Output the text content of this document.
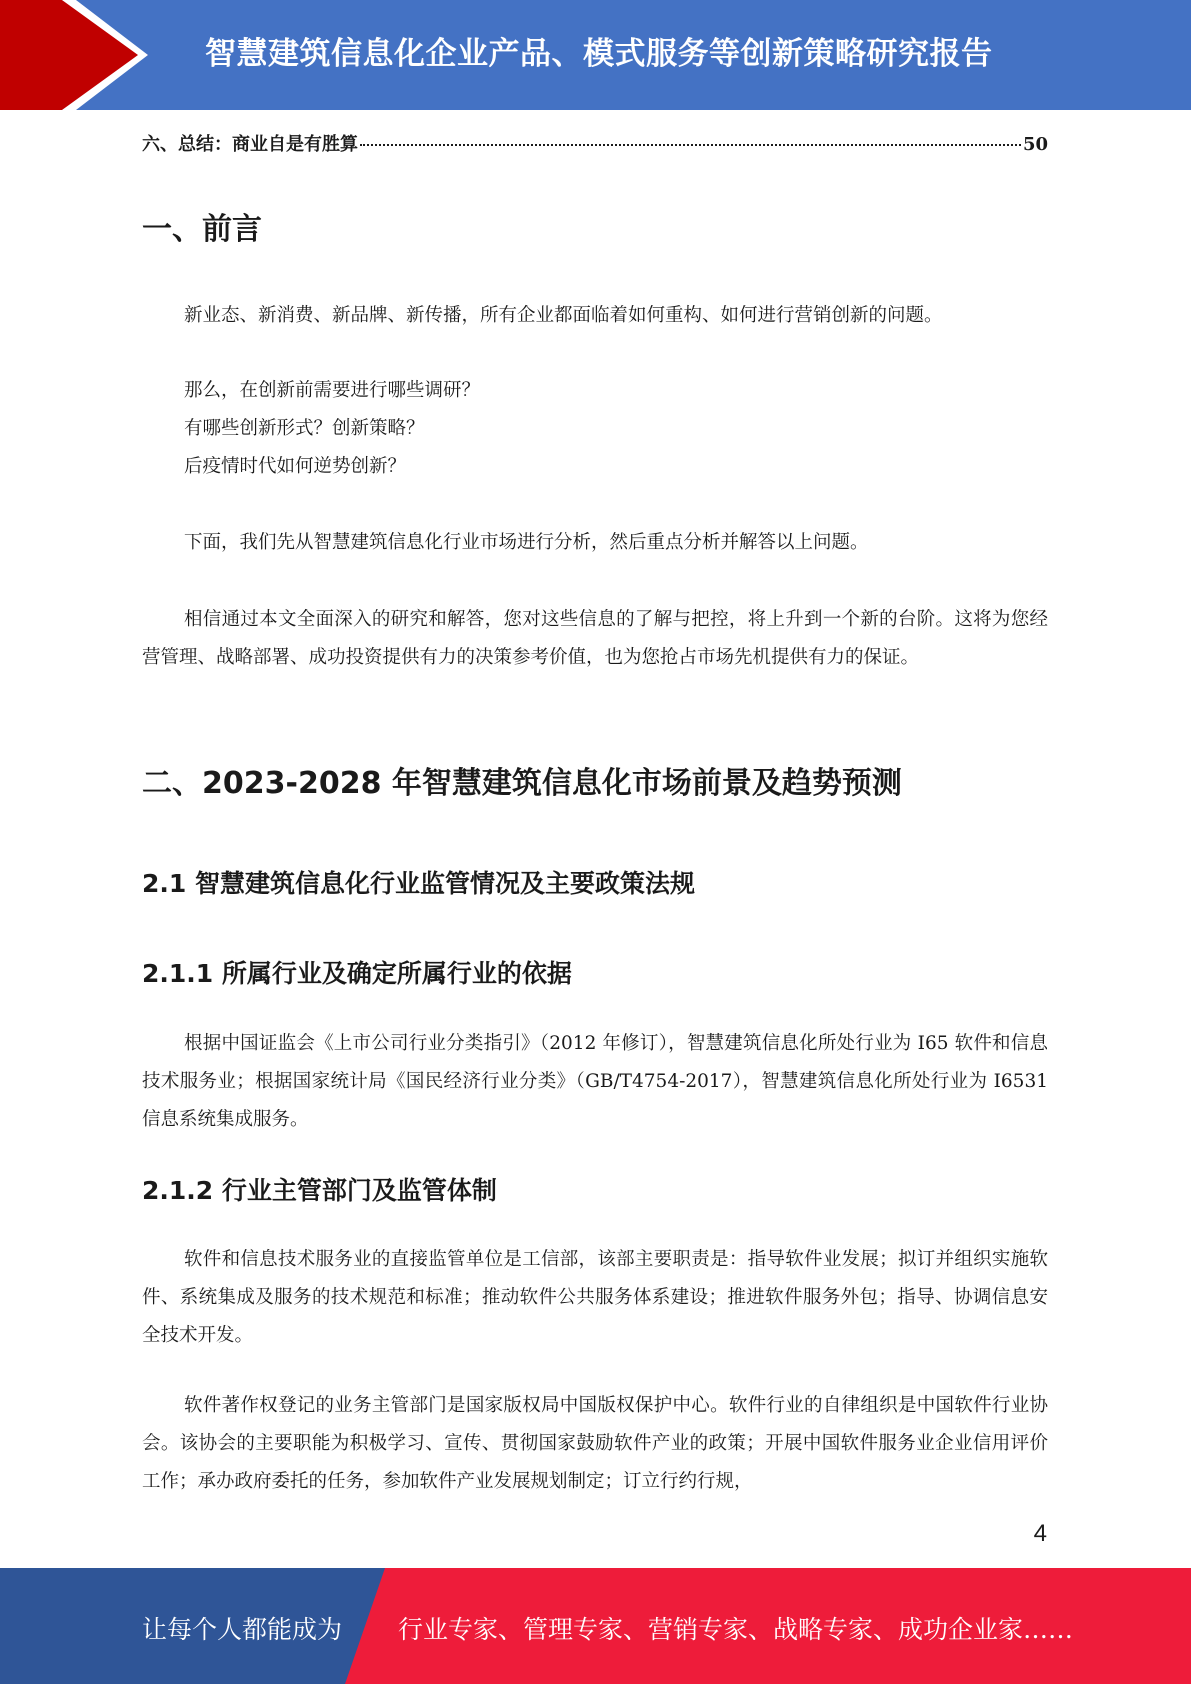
智慧建筑信息化企业产品、模式服务等创新策略研究报告
六、总结：商业自是有胜算	50
一、前言

新业态、新消费、新品牌、新传播，所有企业都面临着如何重构、如何进行营销创新的问题。

那么，在创新前需要进行哪些调研？

有哪些创新形式？创新策略？

后疫情时代如何逆势创新？

下面，我们先从智慧建筑信息化行业市场进行分析，然后重点分析并解答以上问题。

相信通过本文全面深入的研究和解答，您对这些信息的了解与把控，将上升到一个新的台阶。这将为您经营管理、战略部署、成功投资提供有力的决策参考价值，也为您抢占市场先机提供有力的保证。

二、2023-2028 年智慧建筑信息化市场前景及趋势预测
2.1 智慧建筑信息化行业监管情况及主要政策法规
2.1.1 所属行业及确定所属行业的依据

根据中国证监会《上市公司行业分类指引》（2012 年修订），智慧建筑信息化所处行业为 I65 软件和信息技术服务业；根据国家统计局《国民经济行业分类》（GB/T4754-2017），智慧建筑信息化所处行业为 I6531 信息系统集成服务。

2.1.2 行业主管部门及监管体制

软件和信息技术服务业的直接监管单位是工信部，该部主要职责是：指导软件业发展；拟订并组织实施软件、系统集成及服务的技术规范和标准；推动软件公共服务体系建设；推进软件服务外包；指导、协调信息安全技术开发。

软件著作权登记的业务主管部门是国家版权局中国版权保护中心。软件行业的自律组织是中国软件行业协会。该协会的主要职能为积极学习、宣传、贯彻国家鼓励软件产业的政策；开展中国软件服务业企业信用评价工作；承办政府委托的任务，参加软件产业发展规划制定；订立行约行规，

4
让每个人都能成为 行业专家、管理专家、营销专家、战略专家、成功企业家……
